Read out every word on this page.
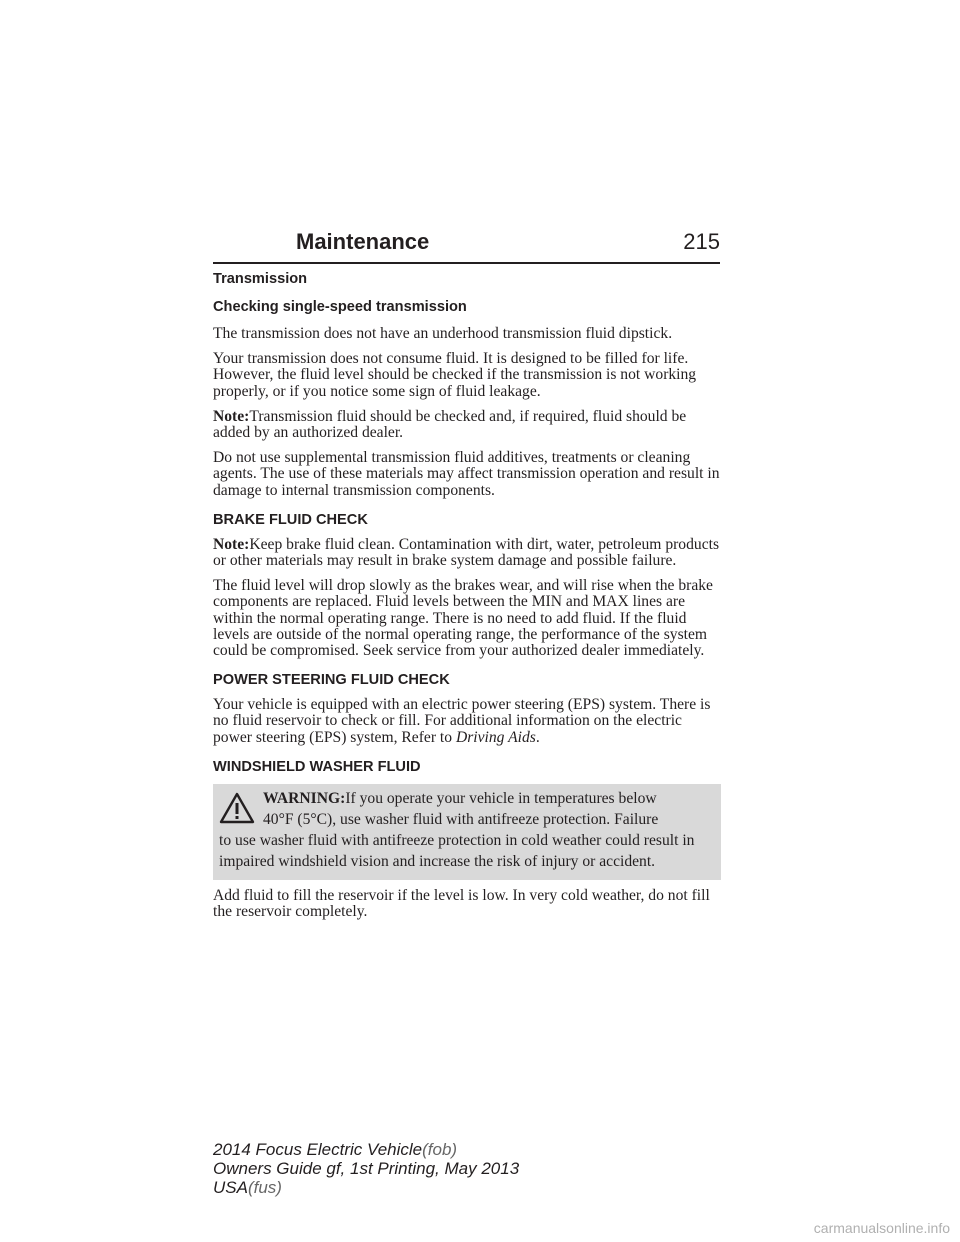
Maintenance	215
Transmission
Checking single-speed transmission

The transmission does not have an underhood transmission fluid dipstick.

Your transmission does not consume fluid. It is designed to be filled for life. However, the fluid level should be checked if the transmission is not working properly, or if you notice some sign of fluid leakage.

Note:Transmission fluid should be checked and, if required, fluid should be added by an authorized dealer.

Do not use supplemental transmission fluid additives, treatments or cleaning agents. The use of these materials may affect transmission operation and result in damage to internal transmission components.

BRAKE FLUID CHECK

Note:Keep brake fluid clean. Contamination with dirt, water, petroleum products or other materials may result in brake system damage and possible failure.

The fluid level will drop slowly as the brakes wear, and will rise when the brake components are replaced. Fluid levels between the MIN and MAX lines are within the normal operating range. There is no need to add fluid. If the fluid levels are outside of the normal operating range, the performance of the system could be compromised. Seek service from your authorized dealer immediately.

POWER STEERING FLUID CHECK

Your vehicle is equipped with an electric power steering (EPS) system. There is no fluid reservoir to check or fill. For additional information on the electric power steering (EPS) system, Refer to Driving Aids.

WINDSHIELD WASHER FLUID
WARNING:If you operate your vehicle in temperatures below
40°F (5°C), use washer fluid with antifreeze protection. Failure
to use washer fluid with antifreeze protection in cold weather could result in impaired windshield vision and increase the risk of injury or accident.

Add fluid to fill the reservoir if the level is low. In very cold weather, do not fill the reservoir completely.

2014 Focus Electric Vehicle(fob)
Owners Guide gf, 1st Printing, May 2013
USA(fus)
carmanualsonline.info
